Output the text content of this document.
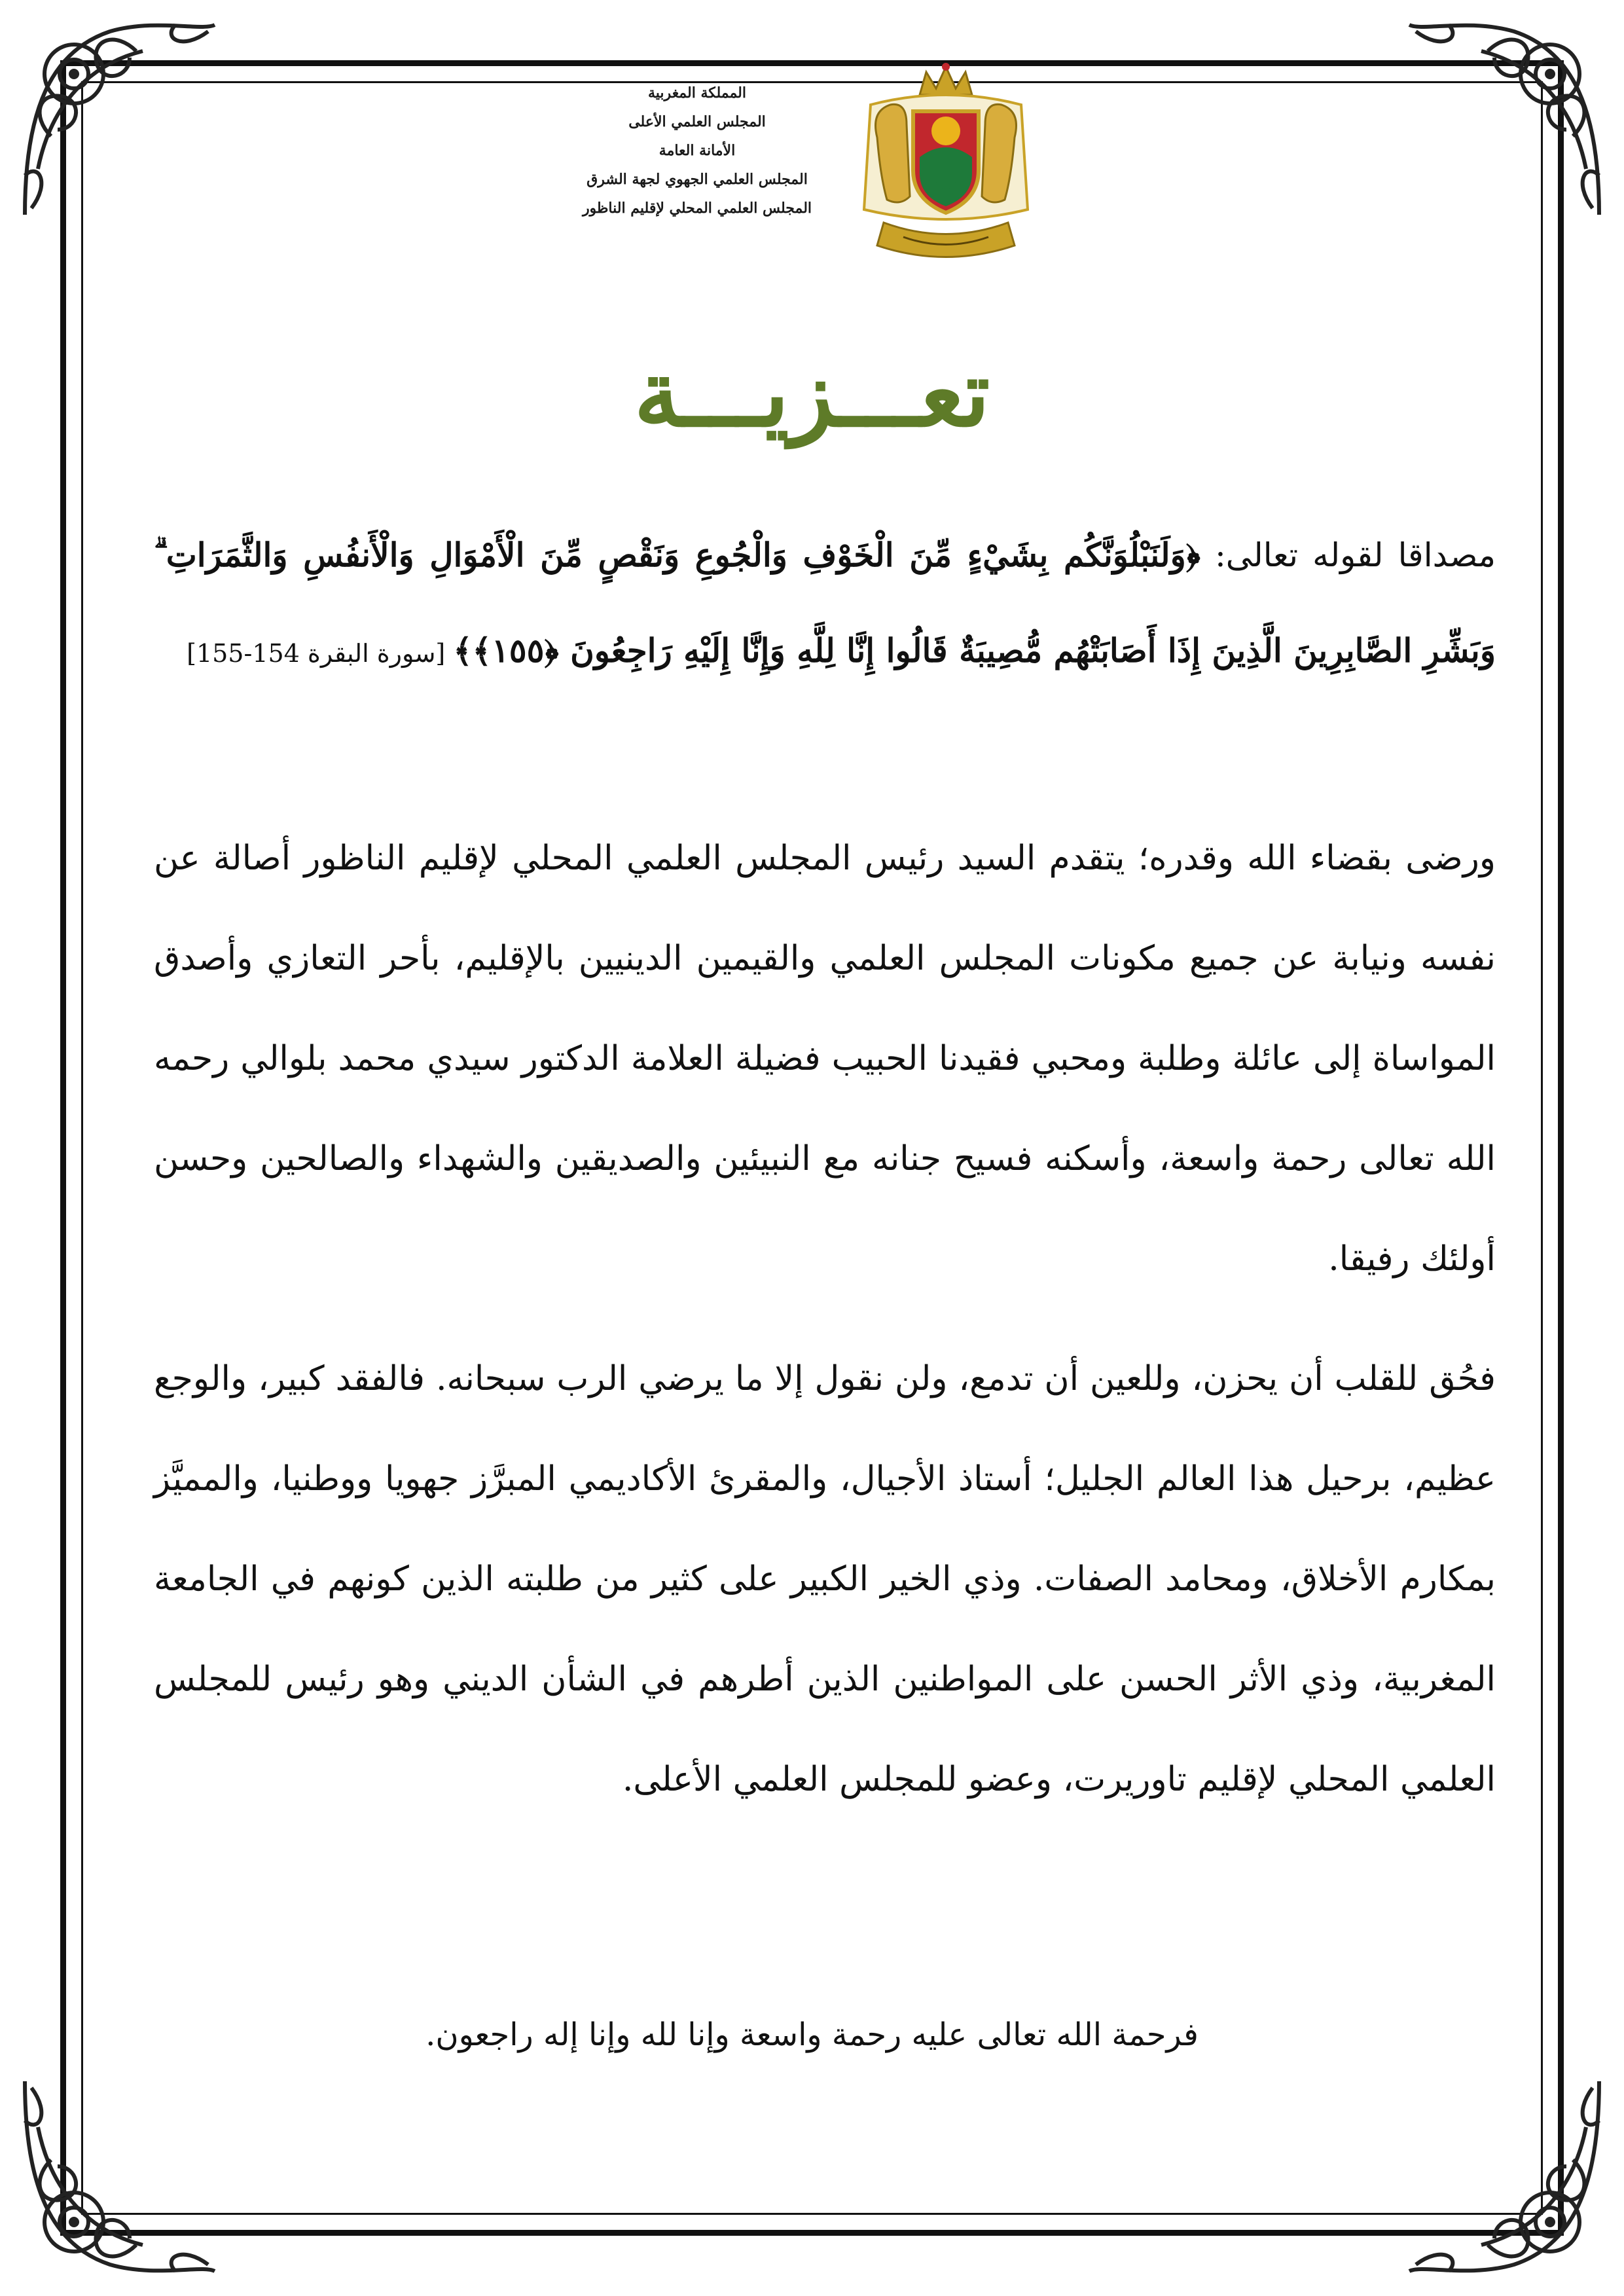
المملكة المغربية
المجلس العلمي الأعلى
الأمانة العامة
المجلس العلمي الجهوي لجهة الشرق
المجلس العلمي المحلي لإقليم الناظور
تعـــزيـــة
مصداقا لقوله تعالى: ﴿وَلَنَبْلُوَنَّكُم بِشَيْءٍ مِّنَ الْخَوْفِ وَالْجُوعِ وَنَقْصٍ مِّنَ الْأَمْوَالِ وَالْأَنفُسِ وَالثَّمَرَاتِ ۗ وَبَشِّرِ الصَّابِرِينَ الَّذِينَ إِذَا أَصَابَتْهُم مُّصِيبَةٌ قَالُوا إِنَّا لِلَّهِ وَإِنَّا إِلَيْهِ رَاجِعُونَ ﴿١٥٥﴾﴾ [سورة البقرة 154-155]
ورضى بقضاء الله وقدره؛ يتقدم السيد رئيس المجلس العلمي المحلي لإقليم الناظور أصالة عن نفسه ونيابة عن جميع مكونات المجلس العلمي والقيمين الدينيين بالإقليم، بأحر التعازي وأصدق المواساة إلى عائلة وطلبة ومحبي فقيدنا الحبيب فضيلة العلامة الدكتور سيدي محمد بلوالي رحمه الله تعالى رحمة واسعة، وأسكنه فسيح جنانه مع النبيئين والصديقين والشهداء والصالحين وحسن أولئك رفيقا.
فحُق للقلب أن يحزن، وللعين أن تدمع، ولن نقول إلا ما يرضي الرب سبحانه. فالفقد كبير، والوجع عظيم، برحيل هذا العالم الجليل؛ أستاذ الأجيال، والمقرئ الأكاديمي المبرَّز جهويا ووطنيا، والمميَّز بمكارم الأخلاق، ومحامد الصفات. وذي الخير الكبير على كثير من طلبته الذين كونهم في الجامعة المغربية، وذي الأثر الحسن على المواطنين الذين أطرهم في الشأن الديني وهو رئيس للمجلس العلمي المحلي لإقليم تاوريرت، وعضو للمجلس العلمي الأعلى.
فرحمة الله تعالى عليه رحمة واسعة وإنا لله وإنا إله راجعون.
